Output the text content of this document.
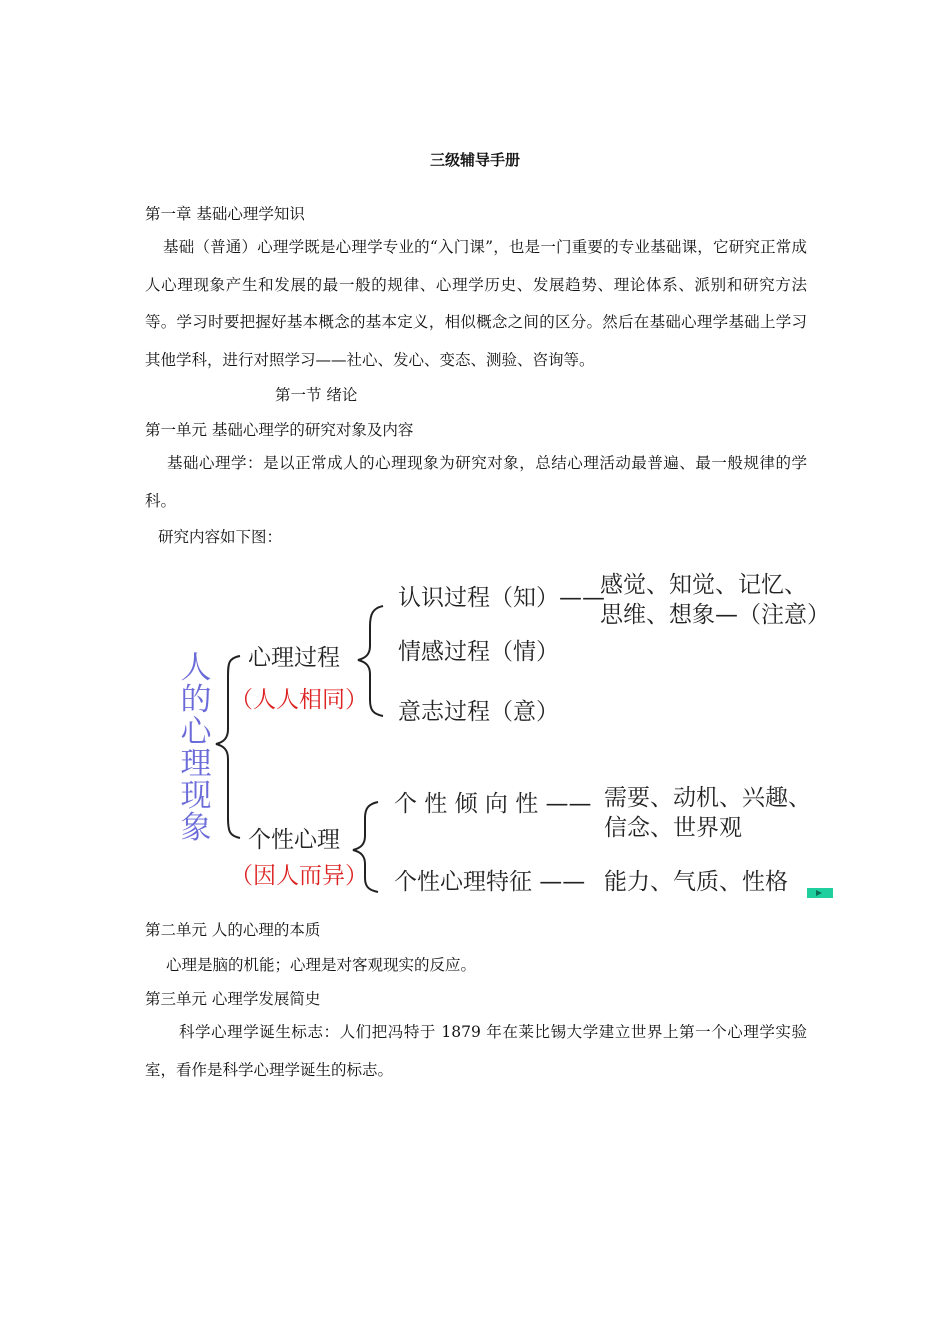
三级辅导手册
第一章 基础心理学知识
基础（普通）心理学既是心理学专业的“入门课”，也是一门重要的专业基础课，它研究正常成人心理现象产生和发展的最一般的规律、心理学历史、发展趋势、理论体系、派别和研究方法等。学习时要把握好基本概念的基本定义，相似概念之间的区分。然后在基础心理学基础上学习其他学科，进行对照学习——社心、发心、变态、测验、咨询等。
第一节 绪论
第一单元 基础心理学的研究对象及内容
基础心理学：是以正常成人的心理现象为研究对象，总结心理活动最普遍、最一般规律的学科。
研究内容如下图：
人
的
心
理
现
象
心理过程
（人人相同）
认识过程（知）——
感觉、知觉、记忆、
思维、想象—（注意）
情感过程（情）
意志过程（意）
个性心理
（因人而异）
个 性 倾 向 性 —— 需要、动机、兴趣、
信念、世界观
个性心理特征 —— 能力、气质、性格
第二单元 人的心理的本质
心理是脑的机能；心理是对客观现实的反应。
第三单元 心理学发展简史
科学心理学诞生标志：人们把冯特于 1879 年在莱比锡大学建立世界上第一个心理学实验室，看作是科学心理学诞生的标志。
